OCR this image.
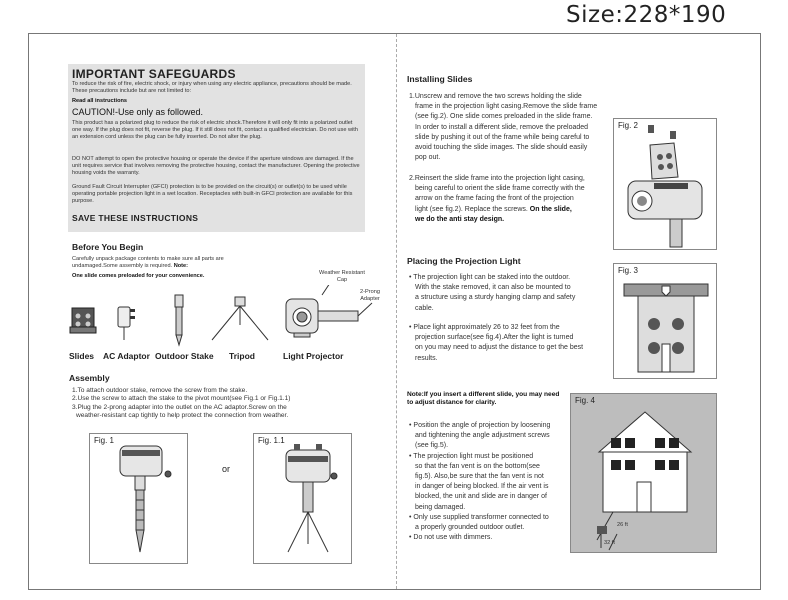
Size:228*190
IMPORTANT SAFEGUARDS
To reduce the risk of fire, electric shock, or injury when using any electric appliance, precautions should be made. These precautions include but are not limited to:
Read all instructions
CAUTION!-Use only as followed.
This product has a polarized plug to reduce the risk of electric shock.Therefore it will only fit into a polarized outlet one way. If the plug does not fit, reverse the plug. If it still does not fit, contact a qualified electrician. Do not use with an extension cord unless the plug can be fully inserted. Do not alter the plug.
DO NOT attempt to open the protective housing or operate the device if the aperture windows are damaged. If the unit requires service that involves removing the protective housing, contact the manufacturer. Opening the protective housing voids the warranty.
Ground Fault Circuit Interrupter (GFCI) protection is to be provided on the circuit(s) or outlet(s) to be used while operating portable projection light in a wet location. Receptacles with built-in GFCI protection are available for this purpose.
SAVE THESE INSTRUCTIONS
Before You Begin
Carefully unpack package contents to make sure all parts are undamaged.Some assembly is required. Note:
One slide comes preloaded for your convenience.	Weather Resistant Cap
2-Prong Adapter
Slides AC Adaptor Outdoor Stake Tripod	Light Projector
Assembly
1.To attach outdoor stake, remove the screw from the stake.
2.Use the screw to attach the stake to the pivot mount(see Fig.1 or Fig.1.1)
3.Plug the 2-prong adapter into the outlet on the AC adaptor.Screw on the
weather-resistant cap tightly to help protect the connection from weather.
Fig. 1
or
Fig. 1.1
Installing Slides
1.Unscrew and remove the two screws holding the slide
frame in the projection light casing.Remove the slide frame
(see fig.2). One slide comes preloaded in the slide frame.
In order to install a different slide, remove the preloaded
slide by pushing it out of the frame while being careful to
avoid touching the slide images. The slide should easily
pop out.
2.Reinsert the slide frame into the projection light casing,
being careful to orient the slide frame correctly with the
arrow on the frame facing the front of the projection
light (see fig.2). Replace the screws. On the slide,
we do the anti stay design.
Fig. 2
Placing the Projection Light
• The projection light can be staked into the outdoor.
With the stake removed, it can also be mounted to
a structure using a sturdy hanging clamp and safety
cable.
• Place light approximately 26 to 32 feet from the
projection surface(see fig.4).After the light is turned
on you may need to adjust the distance to get the best
results.
Fig. 3
Note:If you insert a different slide, you may need
to adjust distance for clarity.
• Position the angle of projection by loosening
and tightening the angle adjustment screws
(see fig.5).
• The projection light must be positioned
so that the fan vent is on the bottom(see
fig.5). Also,be sure that the fan vent is not
in danger of being blocked. If the air vent is
blocked, the unit and slide are in danger of
being damaged.
• Only use supplied transformer connected to
a properly grounded outdoor outlet.
• Do not use with dimmers.
Fig. 4
26 ft
32 ft
